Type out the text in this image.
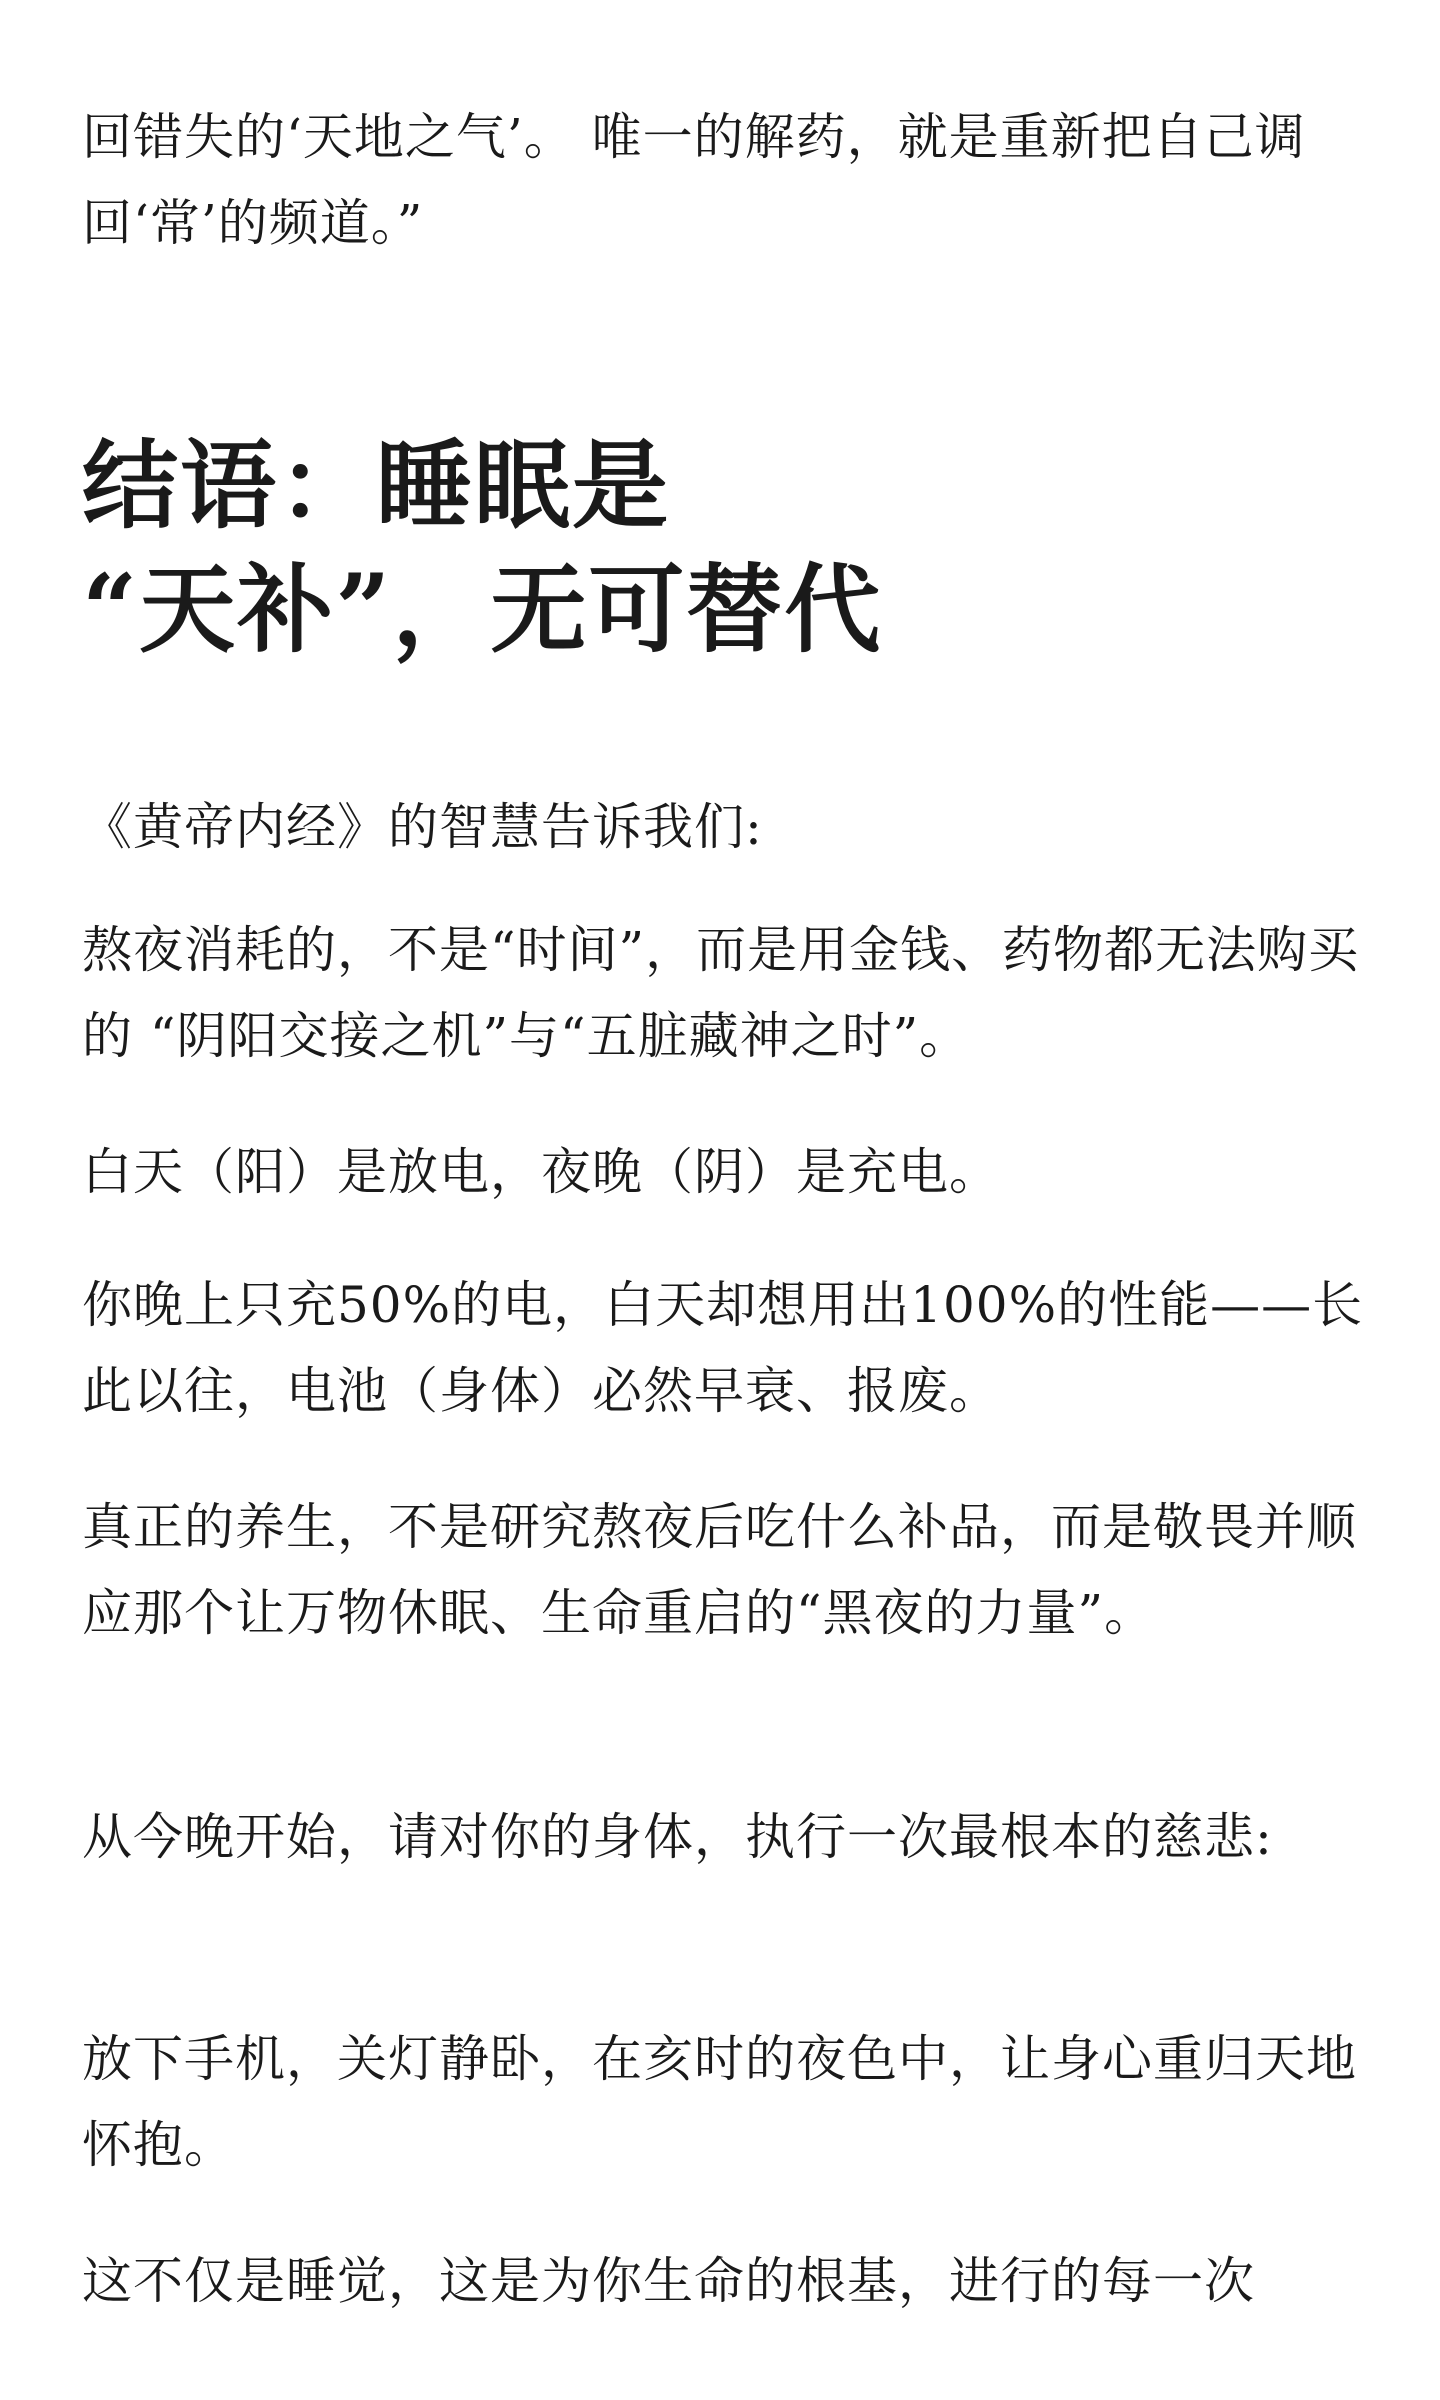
回错失的‘天地之气’。 唯一的解药，就是重新把自己调回‘常’的频道。”

结语：睡眠是
“天补”，无可替代

《黄帝内经》的智慧告诉我们:

熬夜消耗的，不是“时间”，而是用金钱、药物都无法购买的 “阴阳交接之机”与“五脏藏神之时”。

白天（阳）是放电，夜晚（阴）是充电。

你晚上只充50%的电，白天却想用出100%的性能——长此以往，电池（身体）必然早衰、报废。

真正的养生，不是研究熬夜后吃什么补品，而是敬畏并顺应那个让万物休眠、生命重启的“黑夜的力量”。

从今晚开始，请对你的身体，执行一次最根本的慈悲:

放下手机，关灯静卧，在亥时的夜色中，让身心重归天地怀抱。

这不仅是睡觉，这是为你生命的根基，进行的每一次
